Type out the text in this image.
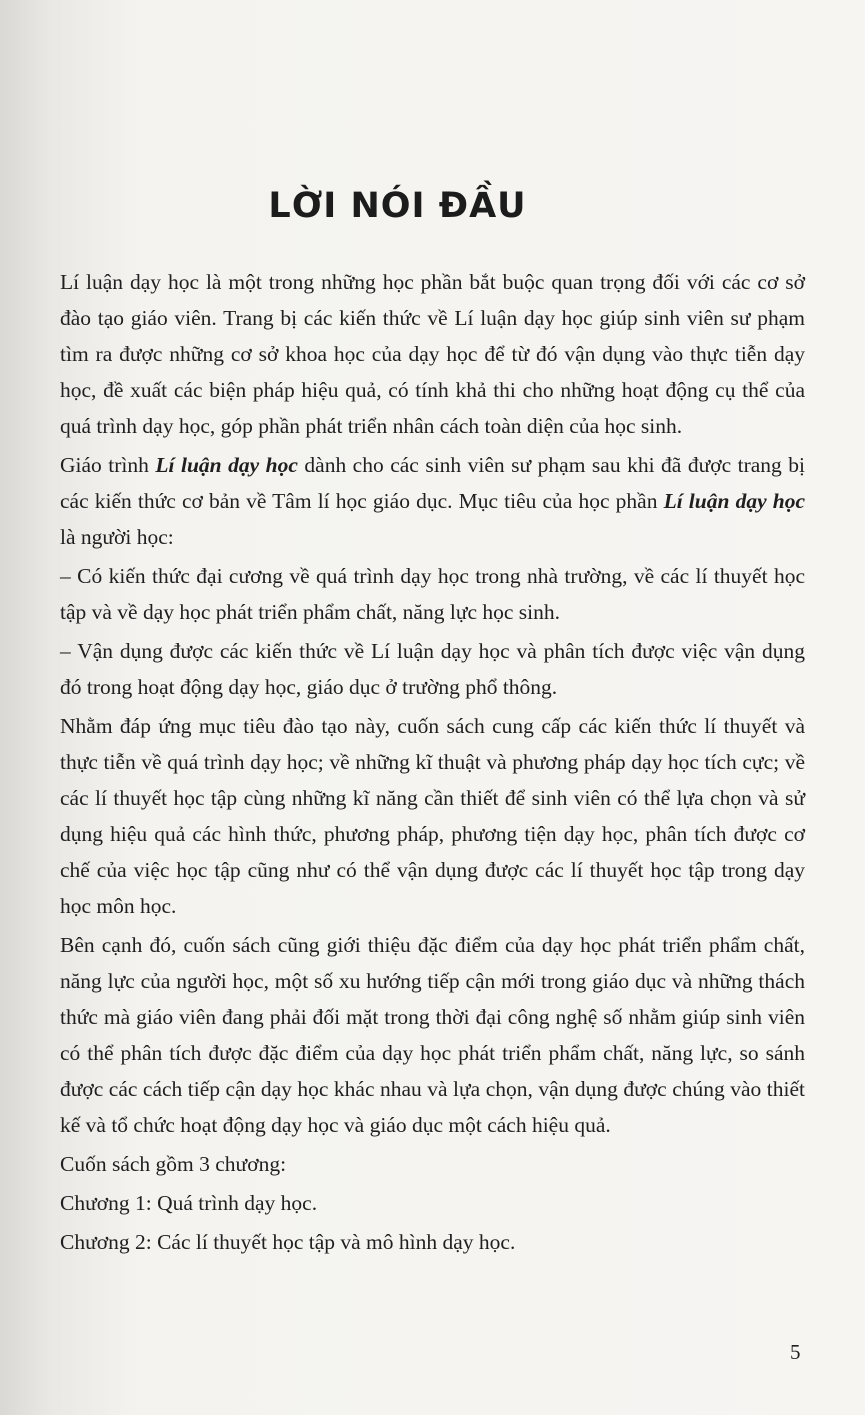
LỜI NÓI ĐẦU

Lí luận dạy học là một trong những học phần bắt buộc quan trọng đối với các cơ sở đào tạo giáo viên. Trang bị các kiến thức về Lí luận dạy học giúp sinh viên sư phạm tìm ra được những cơ sở khoa học của dạy học để từ đó vận dụng vào thực tiễn dạy học, đề xuất các biện pháp hiệu quả, có tính khả thi cho những hoạt động cụ thể của quá trình dạy học, góp phần phát triển nhân cách toàn diện của học sinh.

Giáo trình Lí luận dạy học dành cho các sinh viên sư phạm sau khi đã được trang bị các kiến thức cơ bản về Tâm lí học giáo dục. Mục tiêu của học phần Lí luận dạy học là người học:

– Có kiến thức đại cương về quá trình dạy học trong nhà trường, về các lí thuyết học tập và về dạy học phát triển phẩm chất, năng lực học sinh.

– Vận dụng được các kiến thức về Lí luận dạy học và phân tích được việc vận dụng đó trong hoạt động dạy học, giáo dục ở trường phổ thông.

Nhằm đáp ứng mục tiêu đào tạo này, cuốn sách cung cấp các kiến thức lí thuyết và thực tiễn về quá trình dạy học; về những kĩ thuật và phương pháp dạy học tích cực; về các lí thuyết học tập cùng những kĩ năng cần thiết để sinh viên có thể lựa chọn và sử dụng hiệu quả các hình thức, phương pháp, phương tiện dạy học, phân tích được cơ chế của việc học tập cũng như có thể vận dụng được các lí thuyết học tập trong dạy học môn học.

Bên cạnh đó, cuốn sách cũng giới thiệu đặc điểm của dạy học phát triển phẩm chất, năng lực của người học, một số xu hướng tiếp cận mới trong giáo dục và những thách thức mà giáo viên đang phải đối mặt trong thời đại công nghệ số nhằm giúp sinh viên có thể phân tích được đặc điểm của dạy học phát triển phẩm chất, năng lực, so sánh được các cách tiếp cận dạy học khác nhau và lựa chọn, vận dụng được chúng vào thiết kế và tổ chức hoạt động dạy học và giáo dục một cách hiệu quả.

Cuốn sách gồm 3 chương:

Chương 1: Quá trình dạy học.

Chương 2: Các lí thuyết học tập và mô hình dạy học.

5
